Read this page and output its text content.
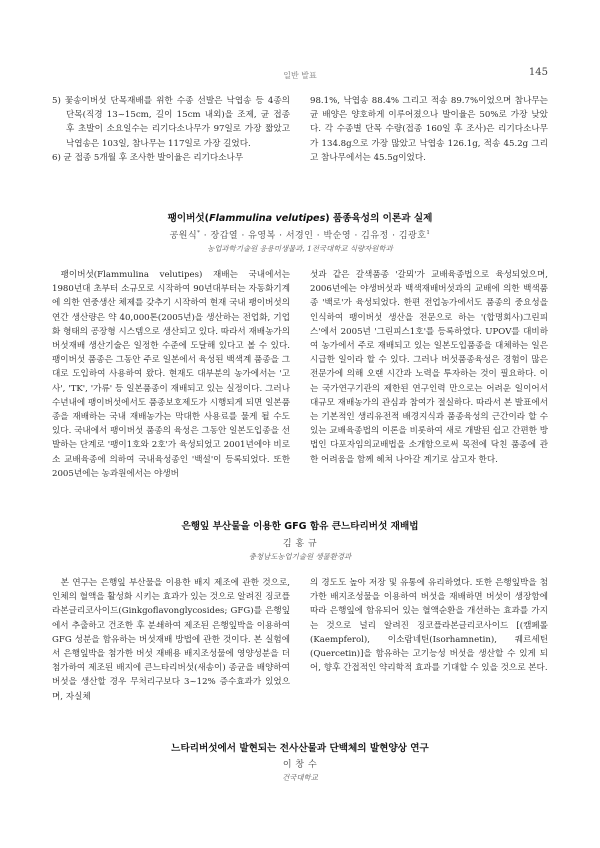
일반 발표	145

5) 꽃송이버섯 단목재배를 위한 수종 선발은 낙엽송 등 4종의 단목(직경 13~15cm, 길이 15cm 내외)을 조제, 균 접종 후 초발이 소요일수는 리기다소나무가 97일로 가장 짧았고 낙엽송은 103일, 참나무는 117일로 가장 길었다.

6) 균 접종 5개월 후 조사한 발이율은 리기다소나무

98.1%, 낙엽송 88.4% 그리고 적송 89.7%이었으며 참나무는 균 배양은 양호하게 이루어졌으나 발이율은 50%로 가장 낮았다. 각 수종별 단목 수량(접종 160일 후 조사)은 리기다소나무가 134.8g으로 가장 많았고 낙엽송 126.1g, 적송 45.2g 그리고 참나무에서는 45.5g이었다.

팽이버섯(Flammulina velutipes) 품종육성의 이론과 실제
공원식* · 장갑열 · 유영복 · 서경인 · 박순영 · 김유정 · 김광호$^1$
농업과학기술원 응용미생물과, 1전국대학교 식량자원학과

팽이버섯(Flammulina velutipes) 재배는 국내에서는 1980년대 초부터 소규모로 시작하여 90년대부터는 자동화기계에 의한 연중생산 체제를 갖추기 시작하여 현재 국내 팽이버섯의 연간 생산량은 약 40,000톤(2005년)을 생산하는 전업화, 기업화 형태의 공장형 시스템으로 생산되고 있다. 따라서 재배농가의 버섯재배 생산기술은 일정한 수준에 도달해 있다고 볼 수 있다. 팽이버섯 품종은 그동안 주로 일본에서 육성된 백색계 품종을 그대로 도입하여 사용하여 왔다. 현재도 대부분의 농가에서는 '고사', 'TK', '가류' 등 일본품종이 재배되고 있는 실정이다. 그러나 수년내에 팽이버섯에서도 품종보호제도가 시행되게 되면 일본품종을 재배하는 국내 재배농가는 막대한 사용료를 물게 될 수도 있다. 국내에서 팽이버섯 품종의 육성은 그동안 일본도입종을 선발하는 단계로 '팽이1호와 2호'가 육성되었고 2001년에야 비로소 교배육종에 의하여 국내육성종인 '백설'이 등록되었다. 또한 2005년에는 농과원에서는 야생버

섯과 같은 갈색품종 '갈뫼'가 교배육종법으로 육성되었으며, 2006년에는 야생버섯과 백색재배버섯과의 교배에 의한 백색품종 '백로'가 육성되었다. 한편 전업농가에서도 품종의 중요성을 인식하여 팽이버섯 생산을 전문으로 하는 '(합명회사)그린피스'에서 2005년 '그린피스1호'를 등록하였다. UPOV를 대비하여 농가에서 주로 재배되고 있는 일본도입품종을 대체하는 일은 시급한 일이라 할 수 있다. 그러나 버섯품종육성은 경험이 많은 전문가에 의해 오랜 시간과 노력을 투자하는 것이 필요하다. 이는 국가연구기관의 제한된 연구인력 만으로는 어려운 일이어서 대규모 재배농가의 관심과 참여가 절실하다. 따라서 본 발표에서는 기본적인 생리유전적 배경지식과 품종육성의 근간이라 할 수 있는 교배육종법의 이론을 비롯하여 새로 개발된 쉽고 간편한 방법인 다포자임의교배법을 소개함으로써 목전에 닥친 품종에 관한 어려움을 함께 헤쳐 나아갈 계기로 삼고자 한다.

은행잎 부산물을 이용한 GFG 함유 큰느타리버섯 재배법
김 홍 규
충청남도농업기술원 생물환경과

본 연구는 은행잎 부산물을 이용한 배지 제조에 관한 것으로, 인체의 혈액을 활성화 시키는 효과가 있는 것으로 알려진 징코플라본글리코사이드(Ginkgoflavonglycosides; GFG)를 은행잎에서 추출하고 건조한 후 분쇄하여 제조된 은행잎박을 이용하여 GFG 성분을 함유하는 버섯재배 방법에 관한 것이다. 본 실험에서 은행잎박을 첨가한 버섯 재배용 배지조성물에 영양성분을 더 첨가하여 제조된 배지에 큰느타리버섯(새송이) 종균을 배양하여 버섯을 생산할 경우 무처리구보다 3~12% 증수효과가 있었으며, 자실체

의 경도도 높아 저장 및 유통에 유리하였다. 또한 은행잎박을 첨가한 배지조성물을 이용하여 버섯을 재배하면 버섯이 생장함에 따라 은행잎에 함유되어 있는 혈액순환을 개선하는 효과를 가지는 것으로 널리 알려진 징코플라본글리코사이드 [(캠페롤(Kaempferol), 이소람네틴(Isorhamnetin), 퀘르세틴(Quercetin)]을 함유하는 고기능성 버섯을 생산할 수 있게 되어, 향후 간접적인 약리학적 효과를 기대할 수 있을 것으로 본다.

느타리버섯에서 발현되는 전사산물과 단백체의 발현양상 연구
이 창 수
건국대학교
